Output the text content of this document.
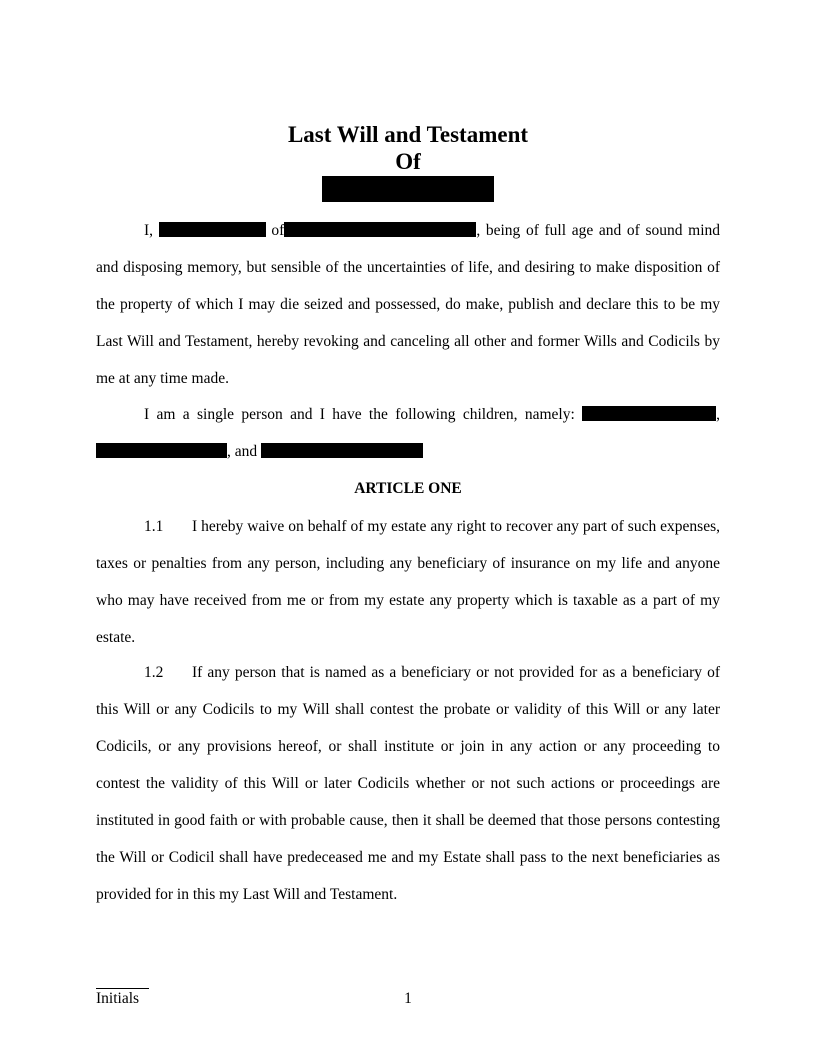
Last Will and Testament
Of
I,	of	, being of full age and of sound mind and disposing memory, but sensible of the uncertainties of life, and desiring to make disposition of the property of which I may die seized and possessed, do make, publish and declare this to be my Last Will and Testament, hereby revoking and canceling all other and former Wills and Codicils by me at any time made.
I am a single person and I have the following children, namely:	, , and
ARTICLE ONE
1.1 I hereby waive on behalf of my estate any right to recover any part of such expenses, taxes or penalties from any person, including any beneficiary of insurance on my life and anyone who may have received from me or from my estate any property which is taxable as a part of my estate.
1.2 If any person that is named as a beneficiary or not provided for as a beneficiary of this Will or any Codicils to my Will shall contest the probate or validity of this Will or any later Codicils, or any provisions hereof, or shall institute or join in any action or any proceeding to contest the validity of this Will or later Codicils whether or not such actions or proceedings are instituted in good faith or with probable cause, then it shall be deemed that those persons contesting the Will or Codicil shall have predeceased me and my Estate shall pass to the next beneficiaries as provided for in this my Last Will and Testament.
Initials	1
